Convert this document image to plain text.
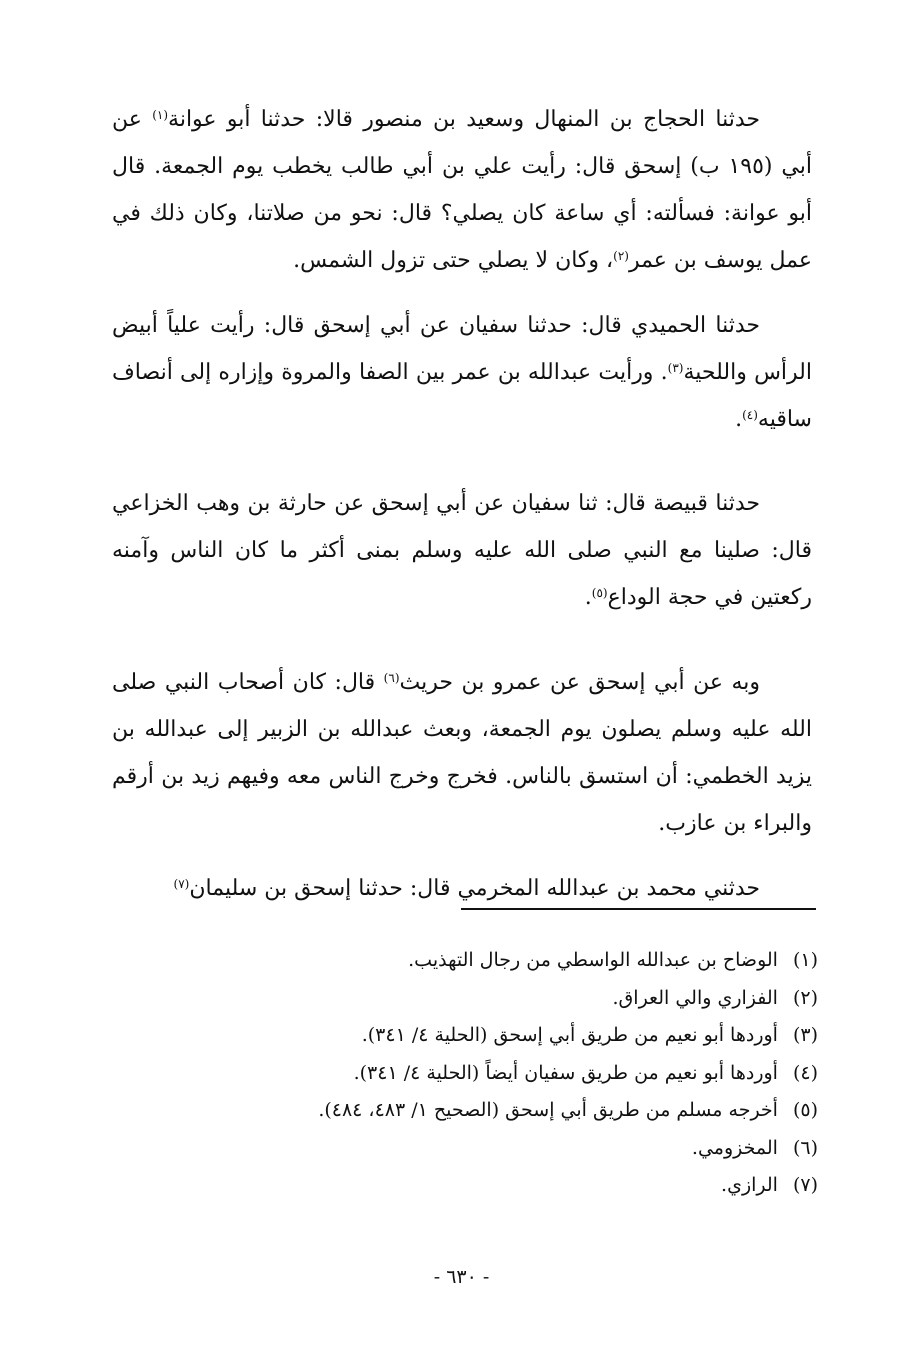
حدثنا الحجاج بن المنهال وسعيد بن منصور قالا: حدثنا أبو عوانة( $^١$ ) عن أبي (١٩٥ ب) إسحق قال: رأيت علي بن أبي طالب يخطب يوم الجمعة. قال أبو عوانة: فسألته: أي ساعة كان يصلي؟ قال: نحو من صلاتنا، وكان ذلك في عمل يوسف بن عمر( $^٢$ )، وكان لا يصلي حتى تزول الشمس.

حدثنا الحميدي قال: حدثنا سفيان عن أبي إسحق قال: رأيت علياً أبيض الرأس واللحية( $^٣$ ). ورأيت عبدالله بن عمر بين الصفا والمروة وإزاره إلى أنصاف ساقيه( $^٤$ ).

حدثنا قبيصة قال: ثنا سفيان عن أبي إسحق عن حارثة بن وهب الخزاعي قال: صلينا مع النبي صلى الله عليه وسلم بمنى أكثر ما كان الناس وآمنه ركعتين في حجة الوداع( $^٥$ ).

وبه عن أبي إسحق عن عمرو بن حريث( $^٦$ ) قال: كان أصحاب النبي صلى الله عليه وسلم يصلون يوم الجمعة، وبعث عبدالله بن الزبير إلى عبدالله بن يزيد الخطمي: أن استسق بالناس. فخرج وخرج الناس معه وفيهم زيد بن أرقم والبراء بن عازب.

حدثني محمد بن عبدالله المخرمي قال: حدثنا إسحق بن سليمان( $^٧$ )

(١) الوضاح بن عبدالله الواسطي من رجال التهذيب.
(٢) الفزاري والي العراق.
(٣) أوردها أبو نعيم من طريق أبي إسحق (الحلية ٤/ ٣٤١).
(٤) أوردها أبو نعيم من طريق سفيان أيضاً (الحلية ٤/ ٣٤١).
(٥) أخرجه مسلم من طريق أبي إسحق (الصحيح ١/ ٤٨٣، ٤٨٤).
(٦) المخزومي.
(٧) الرازي.
- ٦٣٠ -
